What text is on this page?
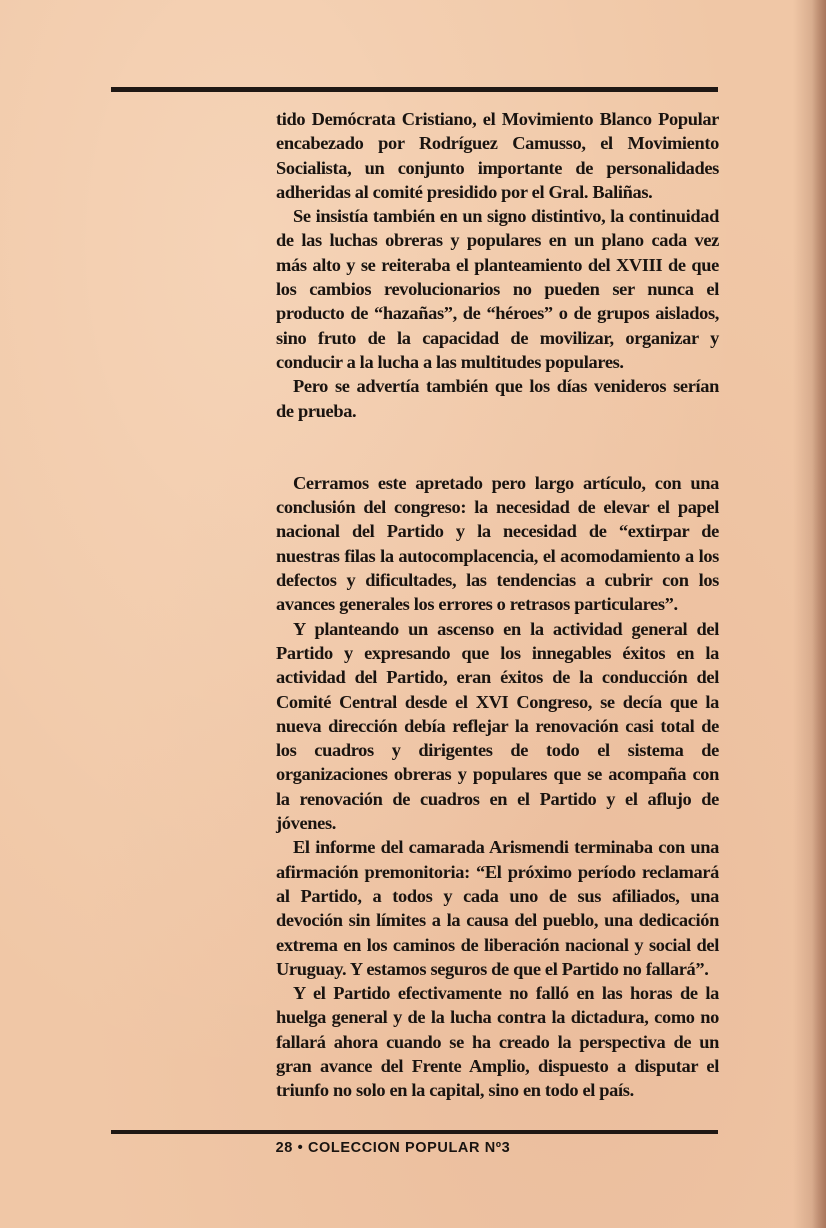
tido Demócrata Cristiano, el Movimiento Blanco Popular encabezado por Rodríguez Camusso, el Movimiento Socialista, un conjunto importante de personalidades adheridas al comité presidido por el Gral. Baliñas.

Se insistía también en un signo distintivo, la continuidad de las luchas obreras y populares en un plano cada vez más alto y se reiteraba el planteamiento del XVIII de que los cambios revolucionarios no pueden ser nunca el producto de “hazañas”, de “héroes” o de grupos aislados, sino fruto de la capacidad de movilizar, organizar y conducir a la lucha a las multitudes populares.

Pero se advertía también que los días venideros serían de prueba.

Cerramos este apretado pero largo artículo, con una conclusión del congreso: la necesidad de elevar el papel nacional del Partido y la necesidad de “extirpar de nuestras filas la autocomplacencia, el acomodamiento a los defectos y dificultades, las tendencias a cubrir con los avances generales los errores o retrasos particulares”.

Y planteando un ascenso en la actividad general del Partido y expresando que los innegables éxitos en la actividad del Partido, eran éxitos de la conducción del Comité Central desde el XVI Congreso, se decía que la nueva dirección debía reflejar la renovación casi total de los cuadros y dirigentes de todo el sistema de organizaciones obreras y populares que se acompaña con la renovación de cuadros en el Partido y el aflujo de jóvenes.

El informe del camarada Arismendi terminaba con una afirmación premonitoria: “El próximo período reclamará al Partido, a todos y cada uno de sus afiliados, una devoción sin límites a la causa del pueblo, una dedicación extrema en los caminos de liberación nacional y social del Uruguay. Y estamos seguros de que el Partido no fallará”.

Y el Partido efectivamente no falló en las horas de la huelga general y de la lucha contra la dictadura, como no fallará ahora cuando se ha creado la perspectiva de un gran avance del Frente Amplio, dispuesto a disputar el triunfo no solo en la capital, sino en todo el país.

28 • COLECCION POPULAR Nº3
